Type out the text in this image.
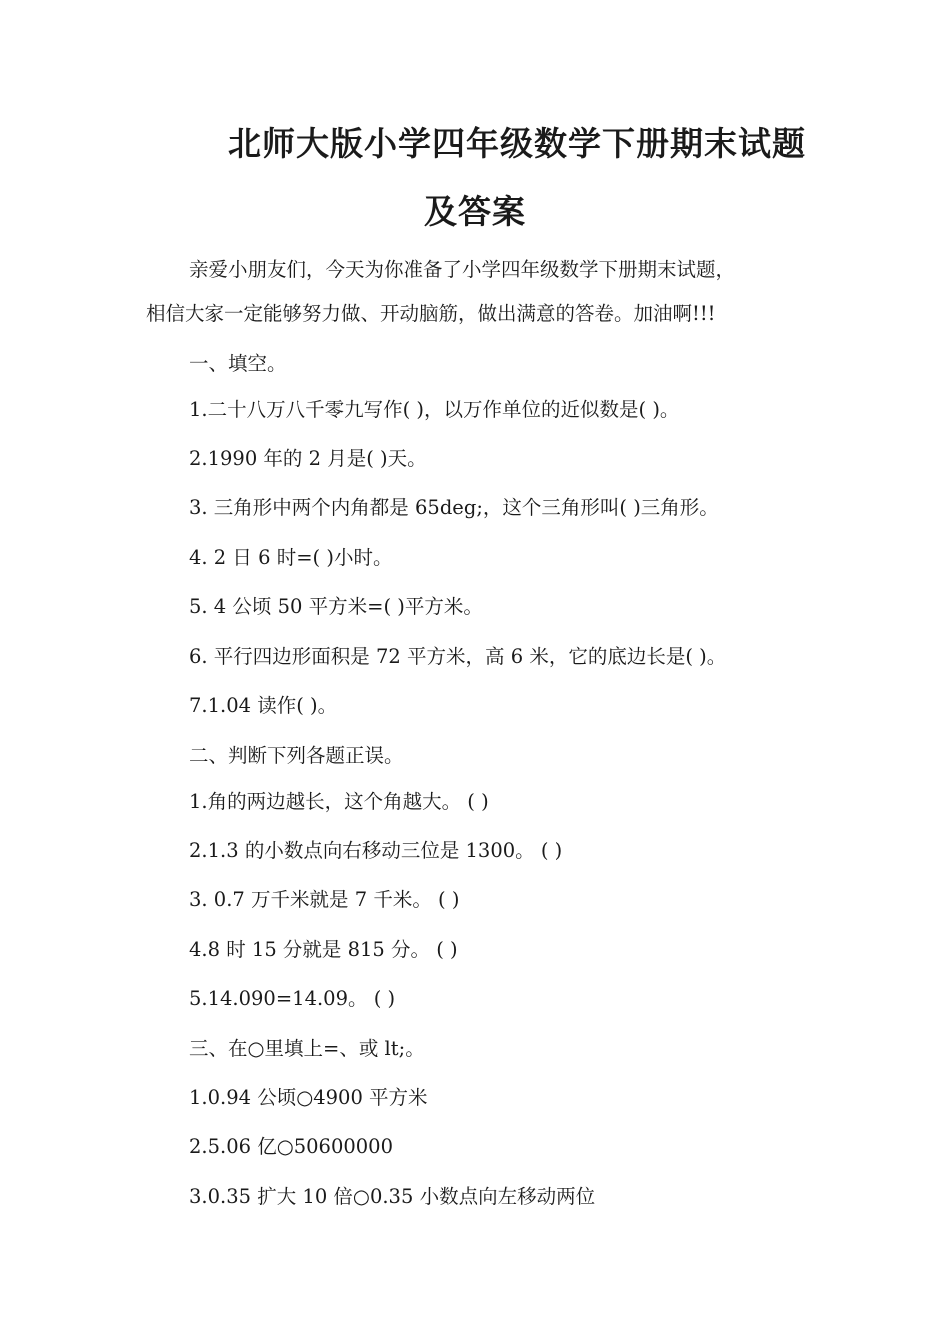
北师大版小学四年级数学下册期末试题
及答案

亲爱小朋友们，今天为你准备了小学四年级数学下册期末试题，

相信大家一定能够努力做、开动脑筋，做出满意的答卷。加油啊!!!

一、填空。

1.二十八万八千零九写作( )，以万作单位的近似数是( )。

2.1990 年的 2 月是( )天。

3. 三角形中两个内角都是 65deg;，这个三角形叫( )三角形。

4. 2 日 6 时=( )小时。

5. 4 公顷 50 平方米=( )平方米。

6. 平行四边形面积是 72 平方米，高 6 米，它的底边长是( )。

7.1.04 读作( )。

二、判断下列各题正误。

1.角的两边越长，这个角越大。 ( )

2.1.3 的小数点向右移动三位是 1300。 ( )

3. 0.7 万千米就是 7 千米。 ( )

4.8 时 15 分就是 815 分。 ( )

5.14.090=14.09。 ( )

三、在○里填上=、或 lt;。

1.0.94 公顷○4900 平方米

2.5.06 亿○50600000

3.0.35 扩大 10 倍○0.35 小数点向左移动两位
